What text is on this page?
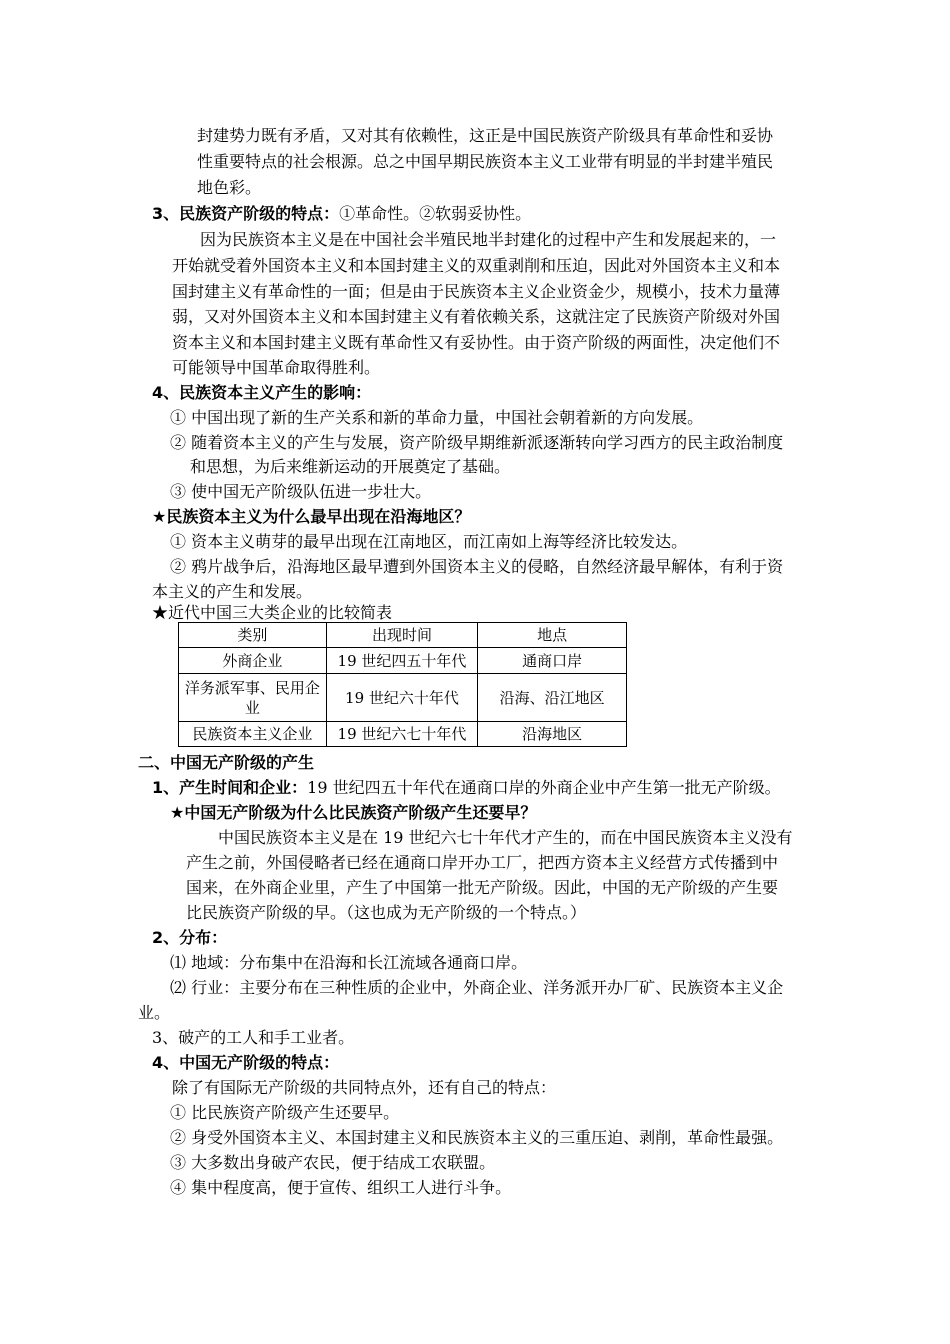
封建势力既有矛盾，又对其有依赖性，这正是中国民族资产阶级具有革命性和妥协
性重要特点的社会根源。总之中国早期民族资本主义工业带有明显的半封建半殖民
地色彩。
3、民族资产阶级的特点：①革命性。②软弱妥协性。
因为民族资本主义是在中国社会半殖民地半封建化的过程中产生和发展起来的，一
开始就受着外国资本主义和本国封建主义的双重剥削和压迫，因此对外国资本主义和本
国封建主义有革命性的一面；但是由于民族资本主义企业资金少，规模小，技术力量薄
弱，又对外国资本主义和本国封建主义有着依赖关系，这就注定了民族资产阶级对外国
资本主义和本国封建主义既有革命性又有妥协性。由于资产阶级的两面性，决定他们不
可能领导中国革命取得胜利。
4、民族资本主义产生的影响：
① 中国出现了新的生产关系和新的革命力量，中国社会朝着新的方向发展。
② 随着资本主义的产生与发展，资产阶级早期维新派逐渐转向学习西方的民主政治制度
和思想，为后来维新运动的开展奠定了基础。
③ 使中国无产阶级队伍进一步壮大。
★民族资本主义为什么最早出现在沿海地区？
① 资本主义萌芽的最早出现在江南地区，而江南如上海等经济比较发达。
② 鸦片战争后，沿海地区最早遭到外国资本主义的侵略，自然经济最早解体，有利于资
本主义的产生和发展。
★近代中国三大类企业的比较简表
类别	出现时间	地点
外商企业	19 世纪四五十年代	通商口岸
洋务派军事、民用企业	19 世纪六十年代	沿海、沿江地区
民族资本主义企业	19 世纪六七十年代	沿海地区
二、中国无产阶级的产生
1、产生时间和企业：19 世纪四五十年代在通商口岸的外商企业中产生第一批无产阶级。
★中国无产阶级为什么比民族资产阶级产生还要早？
中国民族资本主义是在 19 世纪六七十年代才产生的，而在中国民族资本主义没有
产生之前，外国侵略者已经在通商口岸开办工厂，把西方资本主义经营方式传播到中
国来，在外商企业里，产生了中国第一批无产阶级。因此，中国的无产阶级的产生要
比民族资产阶级的早。（这也成为无产阶级的一个特点。）
2、分布：
⑴ 地域：分布集中在沿海和长江流域各通商口岸。
⑵ 行业：主要分布在三种性质的企业中，外商企业、洋务派开办厂矿、民族资本主义企
业。
3、破产的工人和手工业者。
4、中国无产阶级的特点：
除了有国际无产阶级的共同特点外，还有自己的特点：
① 比民族资产阶级产生还要早。
② 身受外国资本主义、本国封建主义和民族资本主义的三重压迫、剥削，革命性最强。
③ 大多数出身破产农民，便于结成工农联盟。
④ 集中程度高，便于宣传、组织工人进行斗争。
